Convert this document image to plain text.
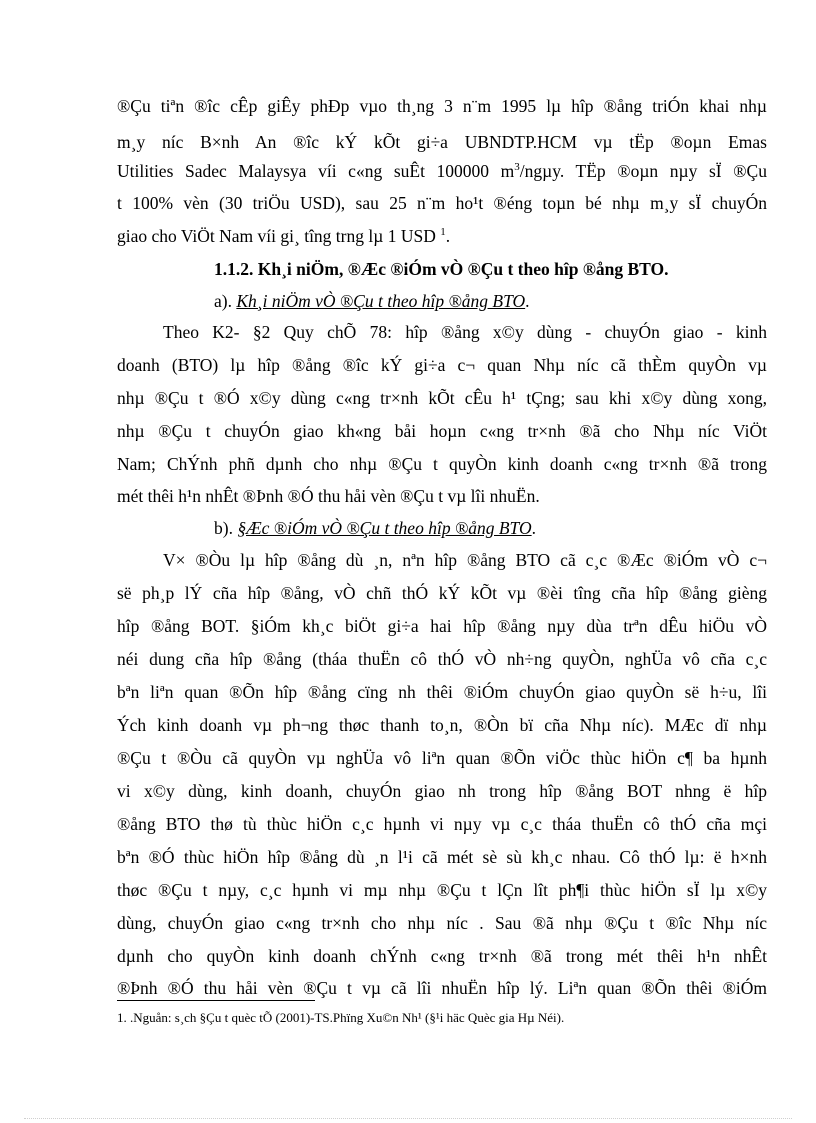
®Çu tiªn ®îc cÊp giÊy phÐp vµo th¸ng 3 n¨m 1995 lµ hîp ®ång triÓn khai nhµ
m¸y níc B×nh An ®îc kÝ kÕt gi÷a UBNDTP.HCM vµ tËp ®oµn Emas
Utilities Sadec Malaysya víi c«ng suÊt 100000 $m^3$/ngµy. TËp ®oµn nµy sÏ ®Çu
t 100% vèn (30 triÖu USD), sau 25 n¨m ho¹t ®éng toµn bé nhµ m¸y sÏ chuyÓn
giao cho ViÖt Nam víi gi¸ tîng trng lµ 1 USD $^1$.
1.1.2. Kh¸i niÖm, ®Æc ®iÓm vÒ ®Çu t theo hîp ®ång BTO.
a). Kh¸i niÖm vÒ ®Çu t theo hîp ®ång BTO.
Theo K2- §2 Quy chÕ 78: hîp ®ång x©y dùng - chuyÓn giao - kinh
doanh (BTO) lµ hîp ®ång ®îc kÝ gi÷a c¬ quan Nhµ níc cã thÈm quyÒn vµ
nhµ ®Çu t ®Ó x©y dùng c«ng tr×nh kÕt cÊu h¹ tÇng; sau khi x©y dùng xong,
nhµ ®Çu t chuyÓn giao kh«ng båi hoµn c«ng tr×nh ®ã cho Nhµ níc ViÖt
Nam; ChÝnh phñ dµnh cho nhµ ®Çu t quyÒn kinh doanh c«ng tr×nh ®ã trong
mét thêi h¹n nhÊt ®Þnh ®Ó thu håi vèn ®Çu t vµ lîi nhuËn.
b). §Æc ®iÓm vÒ ®Çu t theo hîp ®ång BTO.
V× ®Òu lµ hîp ®ång dù ¸n, nªn hîp ®ång BTO cã c¸c ®Æc ®iÓm vÒ c¬
së ph¸p lÝ cña hîp ®ång, vÒ chñ thÓ kÝ kÕt vµ ®èi tîng cña hîp ®ång gièng
hîp ®ång BOT. §iÓm kh¸c biÖt gi÷a hai hîp ®ång nµy dùa trªn dÊu hiÖu vÒ
néi dung cña hîp ®ång (tháa thuËn cô thÓ vÒ nh÷ng quyÒn, nghÜa vô cña c¸c
bªn liªn quan ®Õn hîp ®ång cïng nh thêi ®iÓm chuyÓn giao quyÒn së h÷u, lîi
Ých kinh doanh vµ ph¬ng thøc thanh to¸n, ®Òn bï cña Nhµ níc). MÆc dï nhµ
®Çu t ®Òu cã quyÒn vµ nghÜa vô liªn quan ®Õn viÖc thùc hiÖn c¶ ba hµnh
vi x©y dùng, kinh doanh, chuyÓn giao nh trong hîp ®ång BOT nhng ë hîp
®ång BTO thø tù thùc hiÖn c¸c hµnh vi nµy vµ c¸c tháa thuËn cô thÓ cña mçi
bªn ®Ó thùc hiÖn hîp ®ång dù ¸n l¹i cã mét sè sù kh¸c nhau. Cô thÓ lµ: ë h×nh
thøc ®Çu t nµy, c¸c hµnh vi mµ nhµ ®Çu t lÇn lît ph¶i thùc hiÖn sÏ lµ x©y
dùng, chuyÓn giao c«ng tr×nh cho nhµ níc . Sau ®ã nhµ ®Çu t ®îc Nhµ níc
dµnh cho quyÒn kinh doanh chÝnh c«ng tr×nh ®ã trong mét thêi h¹n nhÊt
®Þnh ®Ó thu håi vèn ®Çu t vµ cã lîi nhuËn hîp lý. Liªn quan ®Õn thêi ®iÓm
1. .Nguån: s¸ch §Çu t quèc tÕ (2001)-TS.Phïng Xu©n Nh¹ (§¹i häc Quèc gia Hµ Néi).
